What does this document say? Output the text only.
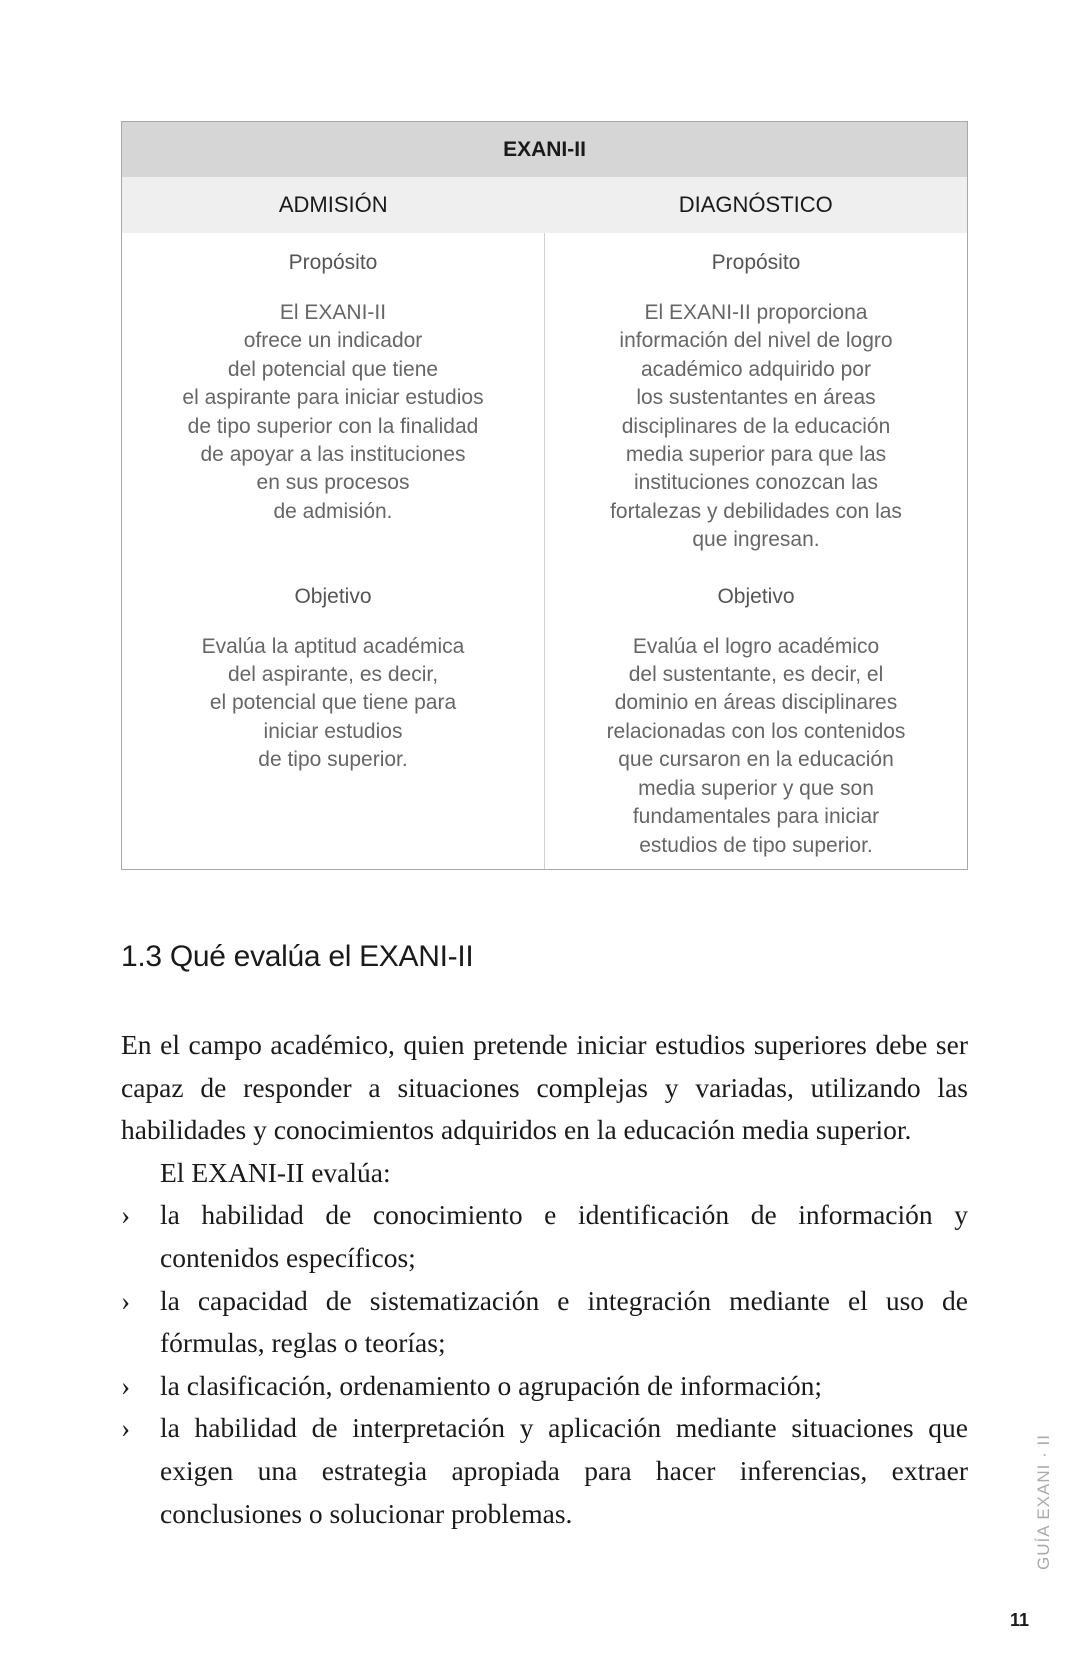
EXANI-II
ADMISIÓN	DIAGNÓSTICO
Propósito
El EXANI-II
ofrece un indicador
del potencial que tiene
el aspirante para iniciar estudios
de tipo superior con la finalidad
de apoyar a las instituciones
en sus procesos
de admisión.

Objetivo
Evalúa la aptitud académica
del aspirante, es decir,
el potencial que tiene para
iniciar estudios
de tipo superior.
Propósito
El EXANI-II proporciona
información del nivel de logro
académico adquirido por
los sustentantes en áreas
disciplinares de la educación
media superior para que las
instituciones conozcan las
fortalezas y debilidades con las
que ingresan.
Objetivo
Evalúa el logro académico
del sustentante, es decir, el
dominio en áreas disciplinares
relacionadas con los contenidos
que cursaron en la educación
media superior y que son
fundamentales para iniciar
estudios de tipo superior.
1.3 Qué evalúa el EXANI-II

En el campo académico, quien pretende iniciar estudios superiores debe ser capaz de responder a situaciones complejas y variadas, utilizando las habilidades y conocimientos adquiridos en la educación media superior.

El EXANI-II evalúa:

› la habilidad de conocimiento e identificación de información y contenidos específicos;
› la capacidad de sistematización e integración mediante el uso de fórmulas, reglas o teorías;
› la clasificación, ordenamiento o agrupación de información;
› la habilidad de interpretación y aplicación mediante situaciones que exigen una estrategia apropiada para hacer inferencias, extraer conclusiones o solucionar problemas.	GUÍA EXANI · II
11
